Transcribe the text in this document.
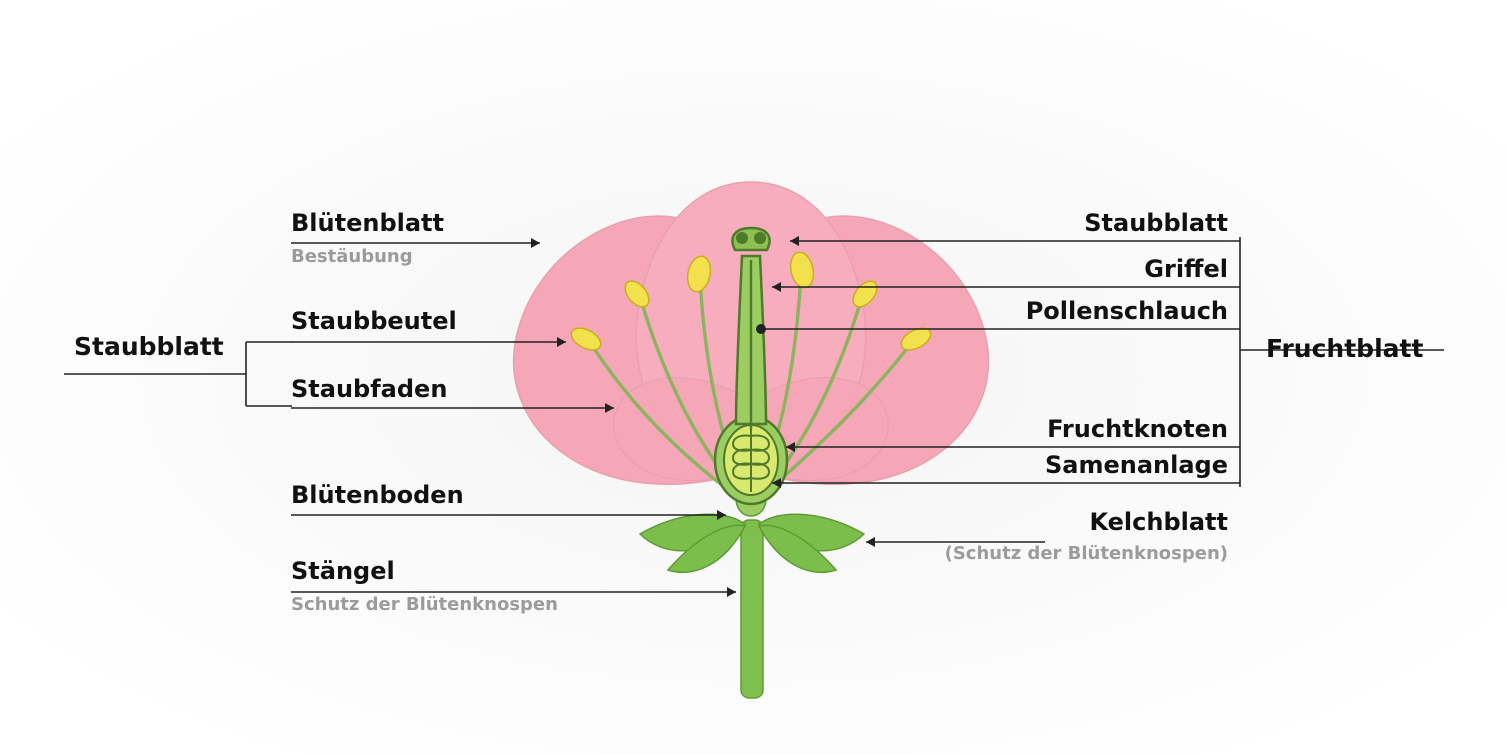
Blütenblatt
Bestäubung
Staubblatt
Staubbeutel
Staubfaden
Blütenboden
Stängel
Schutz der Blütenknospen
Staubblatt
Griffel
Pollenschlauch
Fruchtblatt
Fruchtknoten
Samenanlage
Kelchblatt
(Schutz der Blütenknospen)
